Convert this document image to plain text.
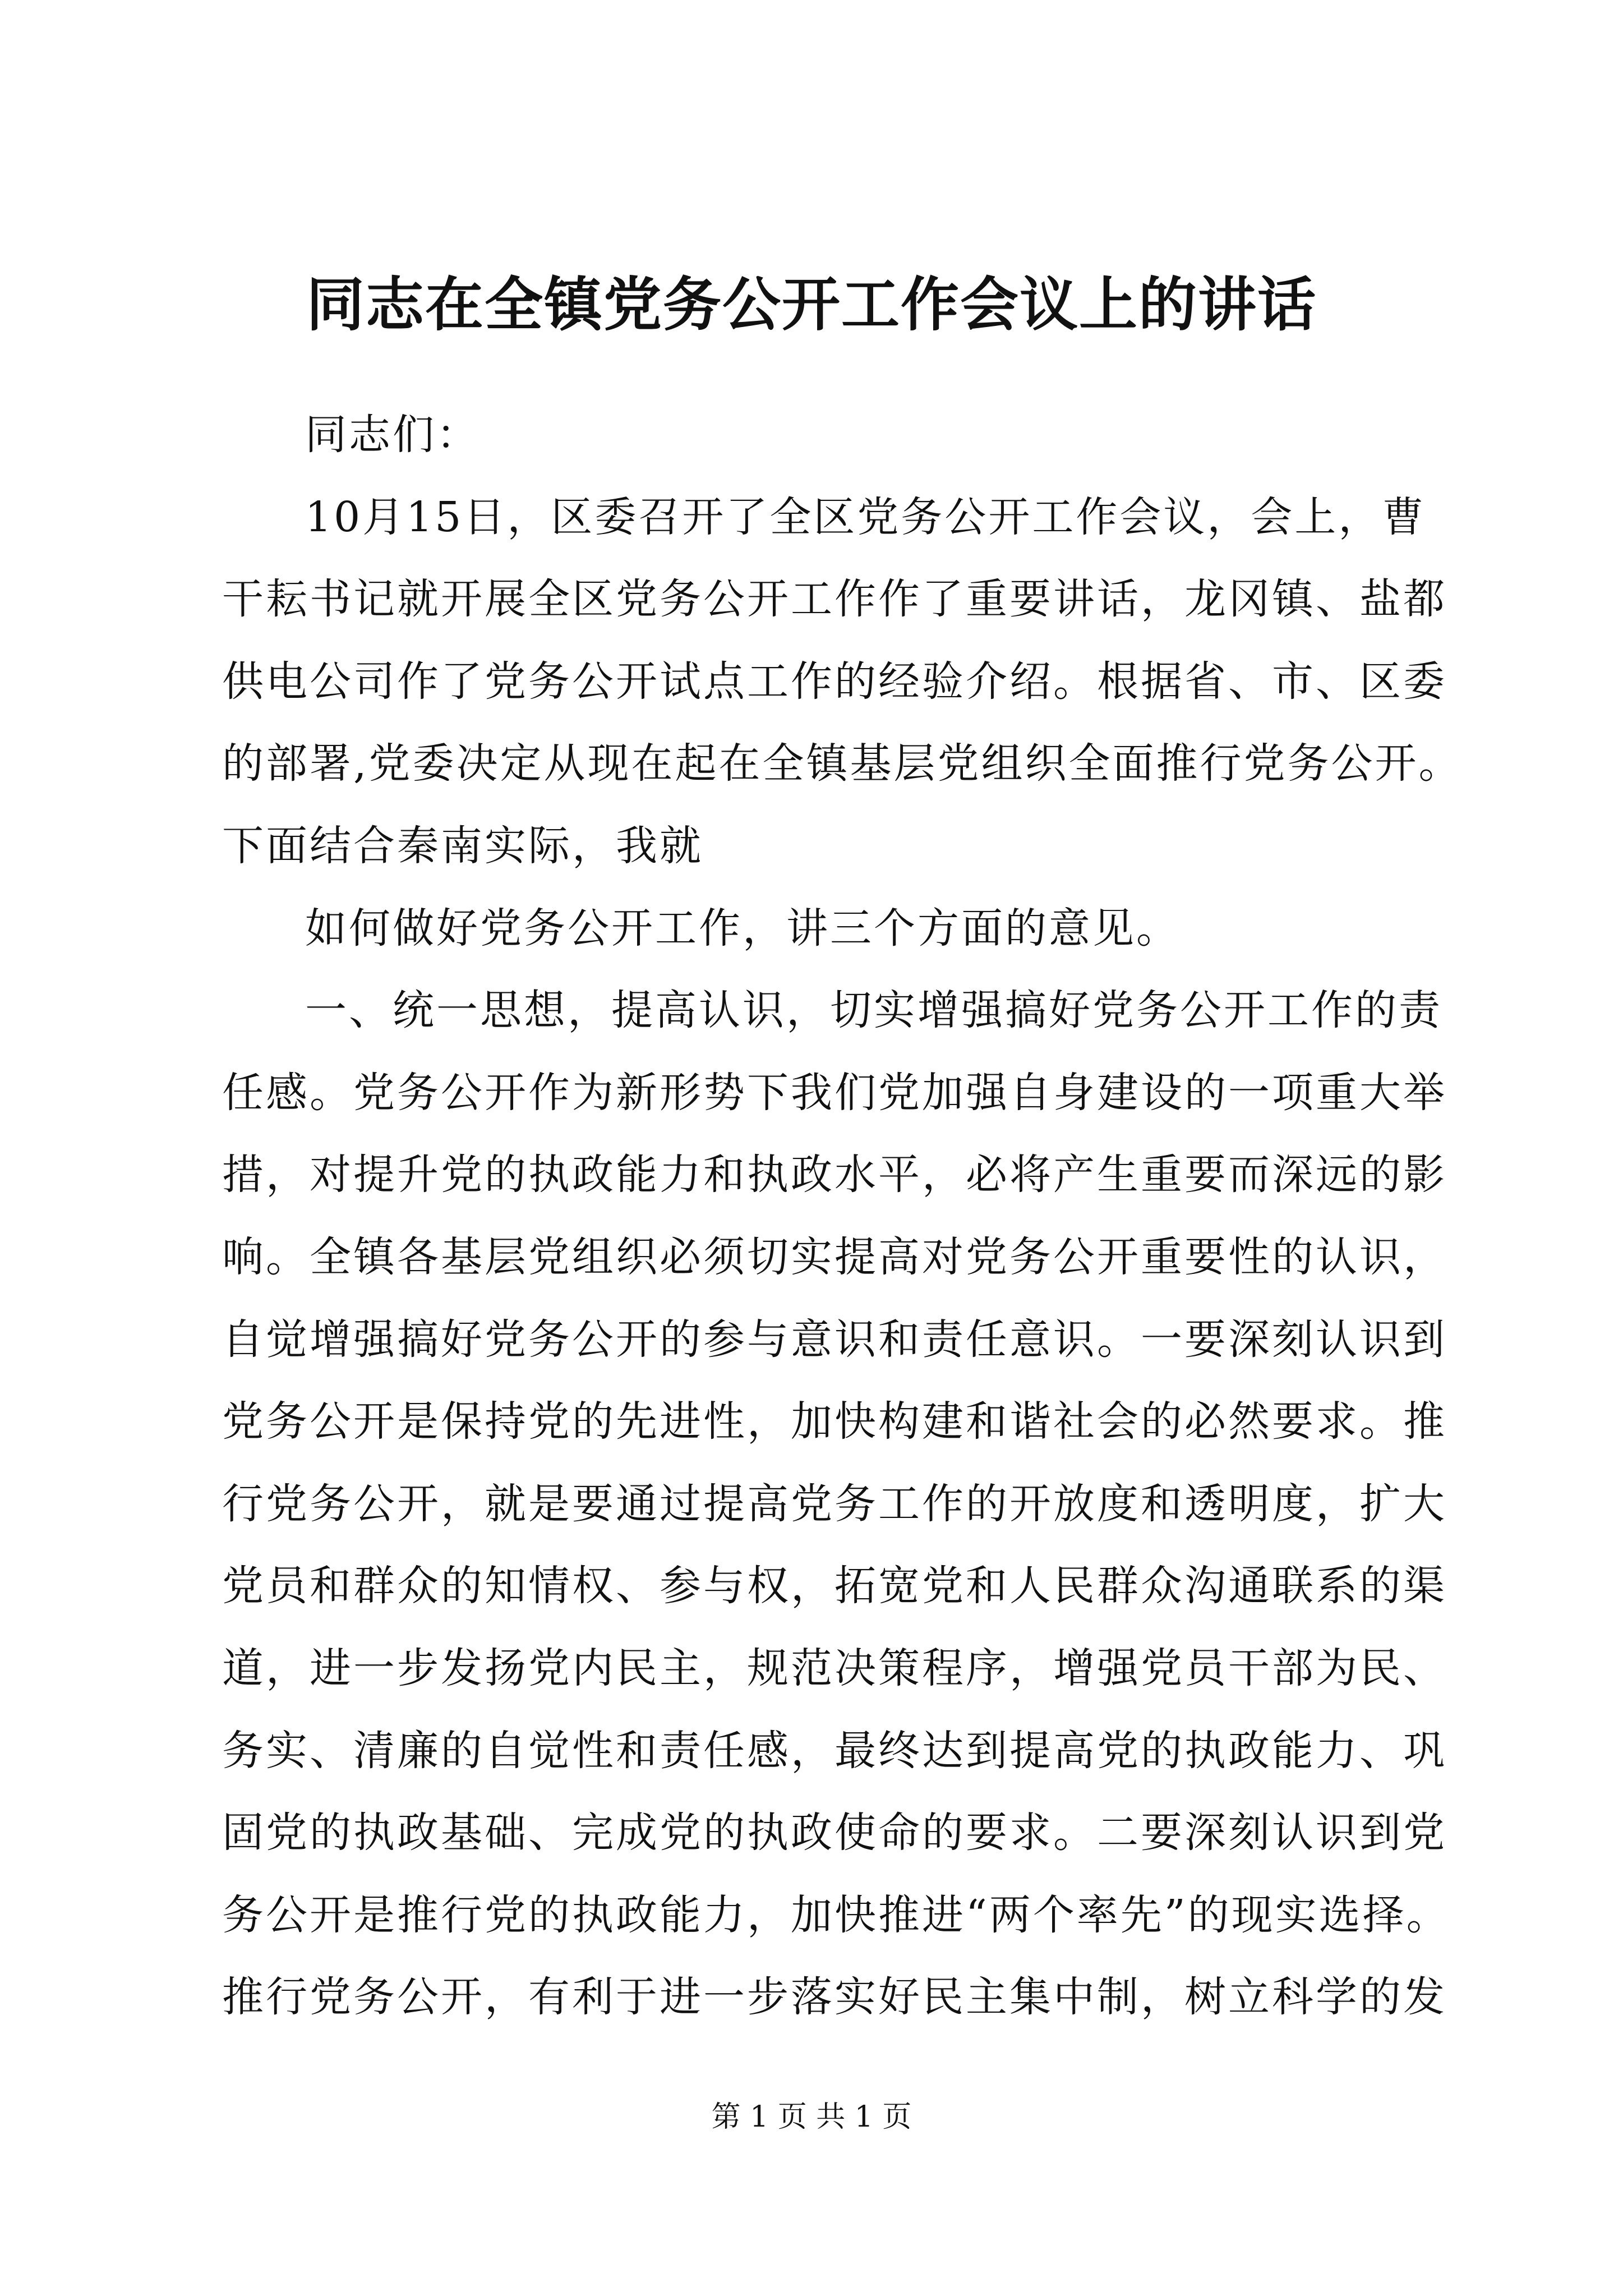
同志在全镇党务公开工作会议上的讲话
同志们：
10月15日，区委召开了全区党务公开工作会议，会上，曹
干耘书记就开展全区党务公开工作作了重要讲话，龙冈镇、盐都
供电公司作了党务公开试点工作的经验介绍。根据省、市、区委
的部署,党委决定从现在起在全镇基层党组织全面推行党务公开。
下面结合秦南实际，我就
如何做好党务公开工作，讲三个方面的意见。
一、统一思想，提高认识，切实增强搞好党务公开工作的责
任感。党务公开作为新形势下我们党加强自身建设的一项重大举
措，对提升党的执政能力和执政水平，必将产生重要而深远的影
响。全镇各基层党组织必须切实提高对党务公开重要性的认识，
自觉增强搞好党务公开的参与意识和责任意识。一要深刻认识到
党务公开是保持党的先进性，加快构建和谐社会的必然要求。推
行党务公开，就是要通过提高党务工作的开放度和透明度，扩大
党员和群众的知情权、参与权，拓宽党和人民群众沟通联系的渠
道，进一步发扬党内民主，规范决策程序，增强党员干部为民、
务实、清廉的自觉性和责任感，最终达到提高党的执政能力、巩
固党的执政基础、完成党的执政使命的要求。二要深刻认识到党
务公开是推行党的执政能力，加快推进“两个率先”的现实选择。
推行党务公开，有利于进一步落实好民主集中制，树立科学的发
第 1 页 共 1 页
